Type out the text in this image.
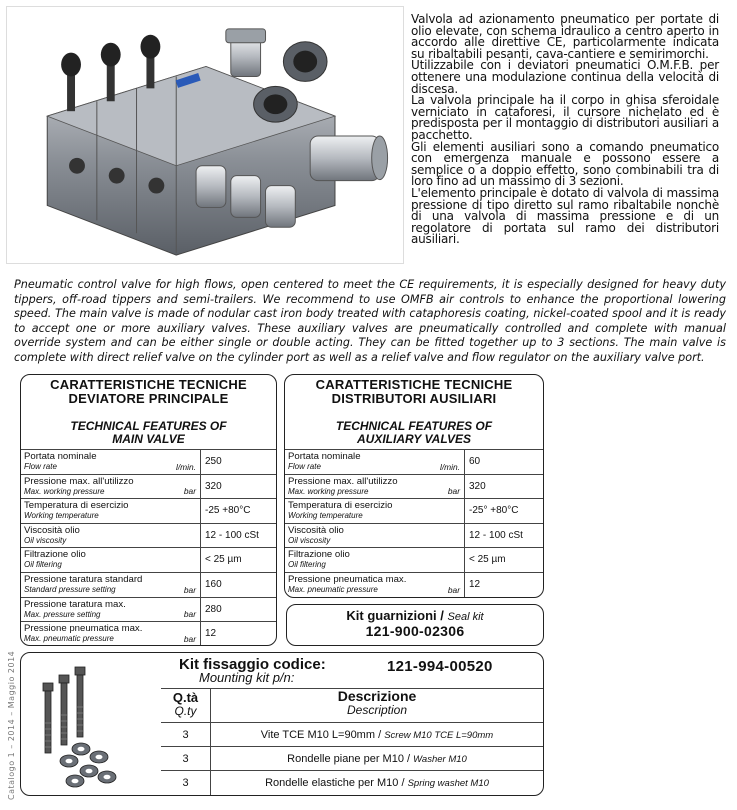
Valvola ad azionamento pneumatico per portate di olio elevate, con schema idraulico a centro aperto in accordo alle direttive CE, particolarmente indicata su ribaltabili pesanti, cava-cantiere e semirimorchi.

Utilizzabile con i deviatori pneumatici O.M.F.B. per ottenere una modulazione continua della velocità di discesa.

La valvola principale ha il corpo in ghisa sferoidale verniciato in cataforesi, il cursore nichelato ed è predisposta per il montaggio di distributori ausiliari a pacchetto.

Gli elementi ausiliari sono a comando pneumatico con emergenza manuale e possono essere a semplice o a doppio effetto, sono combinabili tra di loro fino ad un massimo di 3 sezioni.

L'elemento principale è dotato di valvola di massima pressione di tipo diretto sul ramo ribaltabile nonchè di una valvola di massima pressione e di un regolatore di portata sul ramo dei distributori ausiliari.

Pneumatic control valve for high flows, open centered to meet the CE requirements, it is especially designed for heavy duty tippers, off-road tippers and semi-trailers. We recommend to use OMFB air controls to enhance the proportional lowering speed. The main valve is made of nodular cast iron body treated with cataphoresis coating, nickel-coated spool and it is ready to accept one or more auxiliary valves. These auxiliary valves are pneumatically controlled and complete with manual override system and can be either single or double acting. They can be fitted together up to 3 sections. The main valve is complete with direct relief valve on the cylinder port as well as a relief valve and flow regulator on the auxiliary valve port.
Catalogo 1 – 2014 – Maggio 2014
CARATTERISTICHE TECNICHE
DEVIATORE PRINCIPALE
TECHNICAL FEATURES OF
MAIN VALVE
Portata nominale
Flow rate	l/min. 250
Pressione max. all'utilizzo
Max. working pressure	bar 320
Temperatura di esercizio
Working temperature	-25 +80°C
Viscosità olio
Oil viscosity	12 - 100 cSt
Filtrazione olio
Oil filtering	< 25 µm
Pressione taratura standard
Standard pressure setting	bar 160
Pressione taratura max.
Max. pressure setting	bar 280
Pressione pneumatica max.
Max. pneumatic pressure	bar 12
CARATTERISTICHE TECNICHE
DISTRIBUTORI AUSILIARI
TECHNICAL FEATURES OF
AUXILIARY VALVES
Portata nominale
Flow rate	l/min. 60
Pressione max. all'utilizzo
Max. working pressure	bar 320
Temperatura di esercizio
Working temperature	-25° +80°C
Viscosità olio
Oil viscosity	12 - 100 cSt
Filtrazione olio
Oil filtering	< 25 µm
Pressione pneumatica max.
Max. pneumatic pressure	bar 12
Kit guarnizioni / Seal kit
121-900-02306
Kit fissaggio codice:
Mounting kit p/n:
121-994-00520
Q.tà
Q.ty
Descrizione
Description
3	Vite TCE M10 L=90mm / Screw M10 TCE L=90mm
3	Rondelle piane per M10 / Washer M10
3	Rondelle elastiche per M10 / Spring washet M10
